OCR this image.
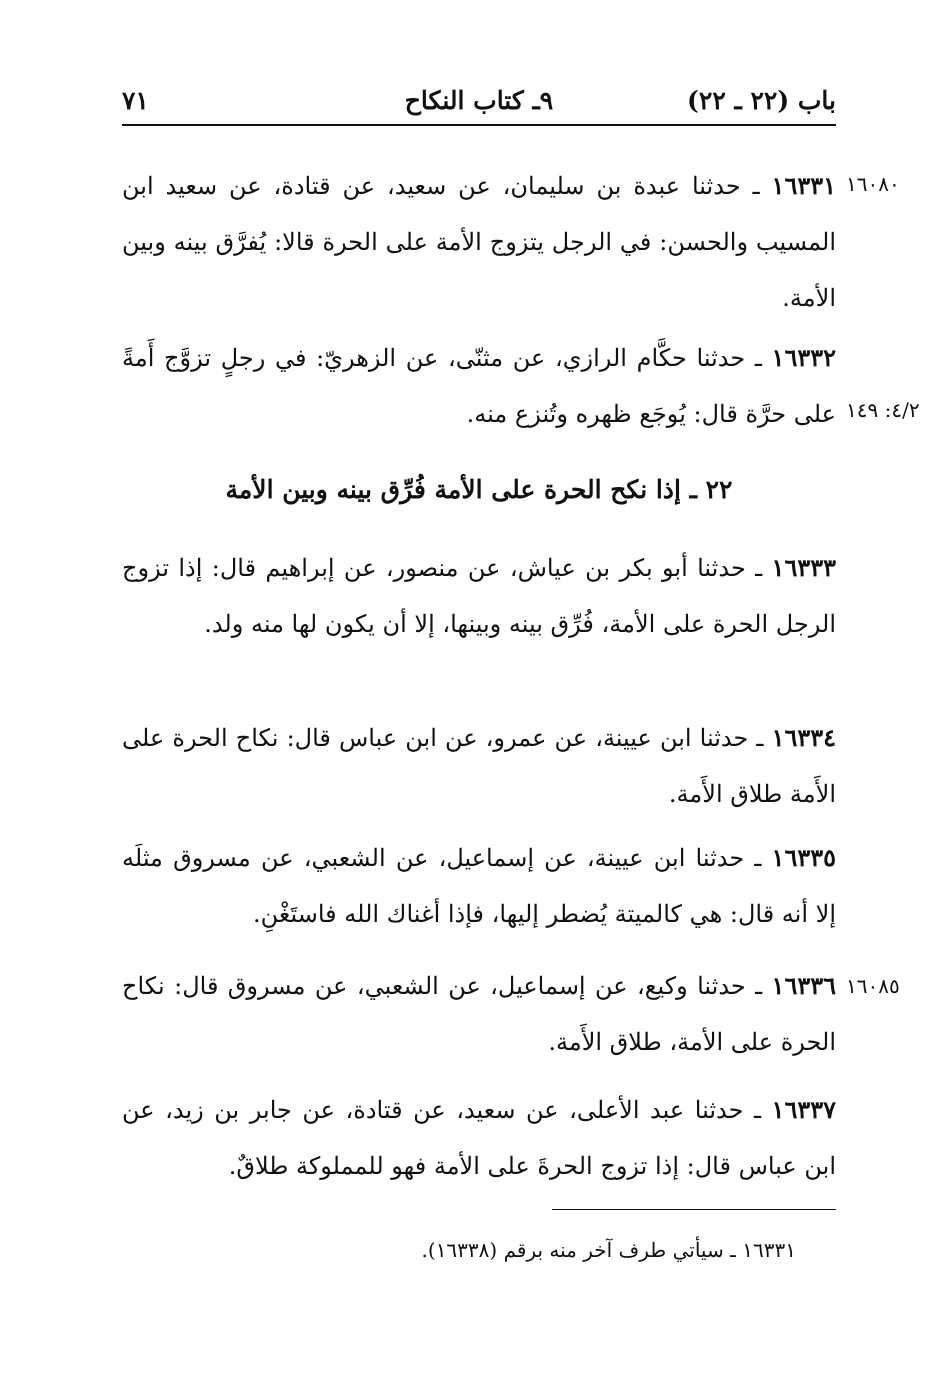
باب (٢٢ ـ ٢٢)
٩ـ كتاب النكاح
٧١
١٦٠٨٠

١٦٣٣١ ـ حدثنا عبدة بن سليمان، عن سعيد، عن قتادة، عن سعيد ابن المسيب والحسن: في الرجل يتزوج الأمة على الحرة قالا: يُفرَّق بينه وبين الأمة.

٤/٢: ١٤٩

١٦٣٣٢ ـ حدثنا حكَّام الرازي، عن مثنّى، عن الزهريّ: في رجلٍ تزوَّج أَمةً على حرَّة قال: يُوجَع ظهره وتُنزع منه.

٢٢ ـ إذا نكح الحرة على الأمة فُرِّق بينه وبين الأمة

١٦٣٣٣ ـ حدثنا أبو بكر بن عياش، عن منصور، عن إبراهيم قال: إذا تزوج الرجل الحرة على الأمة، فُرِّق بينه وبينها، إلا أن يكون لها منه ولد.

١٦٣٣٤ ـ حدثنا ابن عيينة، عن عمرو، عن ابن عباس قال: نكاح الحرة على الأَمة طلاق الأَمة.

١٦٣٣٥ ـ حدثنا ابن عيينة، عن إسماعيل، عن الشعبي، عن مسروق مثلَه إلا أنه قال: هي كالميتة يُضطر إليها، فإذا أغناك الله فاستَغْنِ.

١٦٠٨٥

١٦٣٣٦ ـ حدثنا وكيع، عن إسماعيل، عن الشعبي، عن مسروق قال: نكاح الحرة على الأمة، طلاق الأَمة.

١٦٣٣٧ ـ حدثنا عبد الأعلى، عن سعيد، عن قتادة، عن جابر بن زيد، عن ابن عباس قال: إذا تزوج الحرةَ على الأمة فهو للمملوكة طلاقٌ.

١٦٣٣١ ـ سيأتي طرف آخر منه برقم (١٦٣٣٨).
